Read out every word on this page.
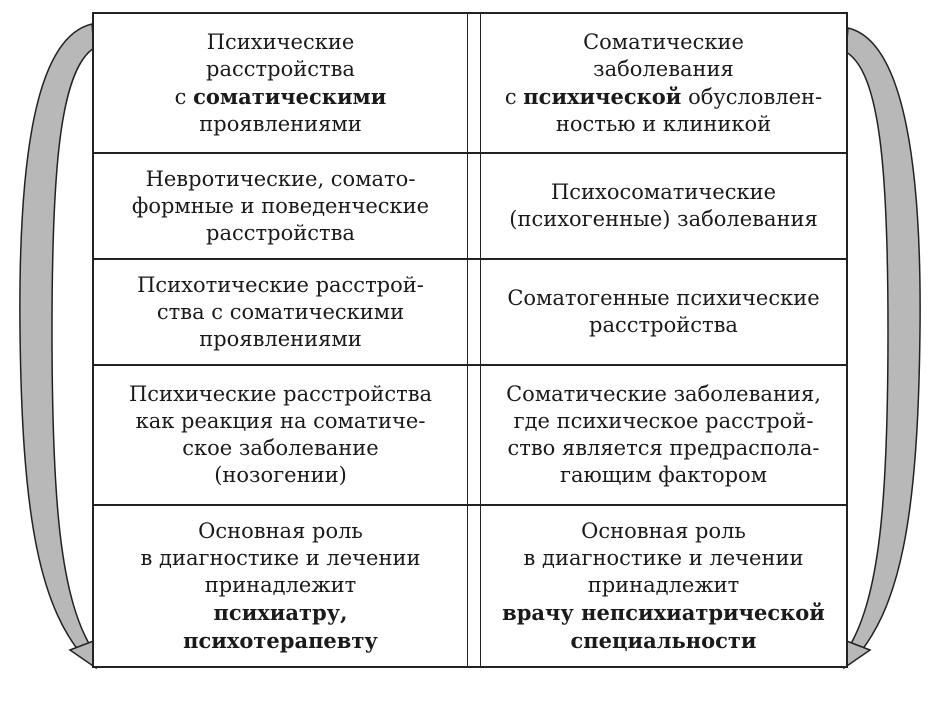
Психические
расстройства
с соматическими
проявлениями
Соматические
заболевания
с психической обусловлен-
ностью и клиникой
Невротические, сомато-
формные и поведенческие
расстройства
Психосоматические
(психогенные) заболевания
Психотические расстрой-
ства с соматическими
проявлениями
Соматогенные психические
расстройства
Психические расстройства
как реакция на соматиче-
ское заболевание
(нозогении)
Соматические заболевания,
где психическое расстрой-
ство является предраспола-
гающим фактором
Основная роль
в диагностике и лечении
принадлежит
психиатру,
психотерапевту
Основная роль
в диагностике и лечении
принадлежит
врачу непсихиатрической
специальности
